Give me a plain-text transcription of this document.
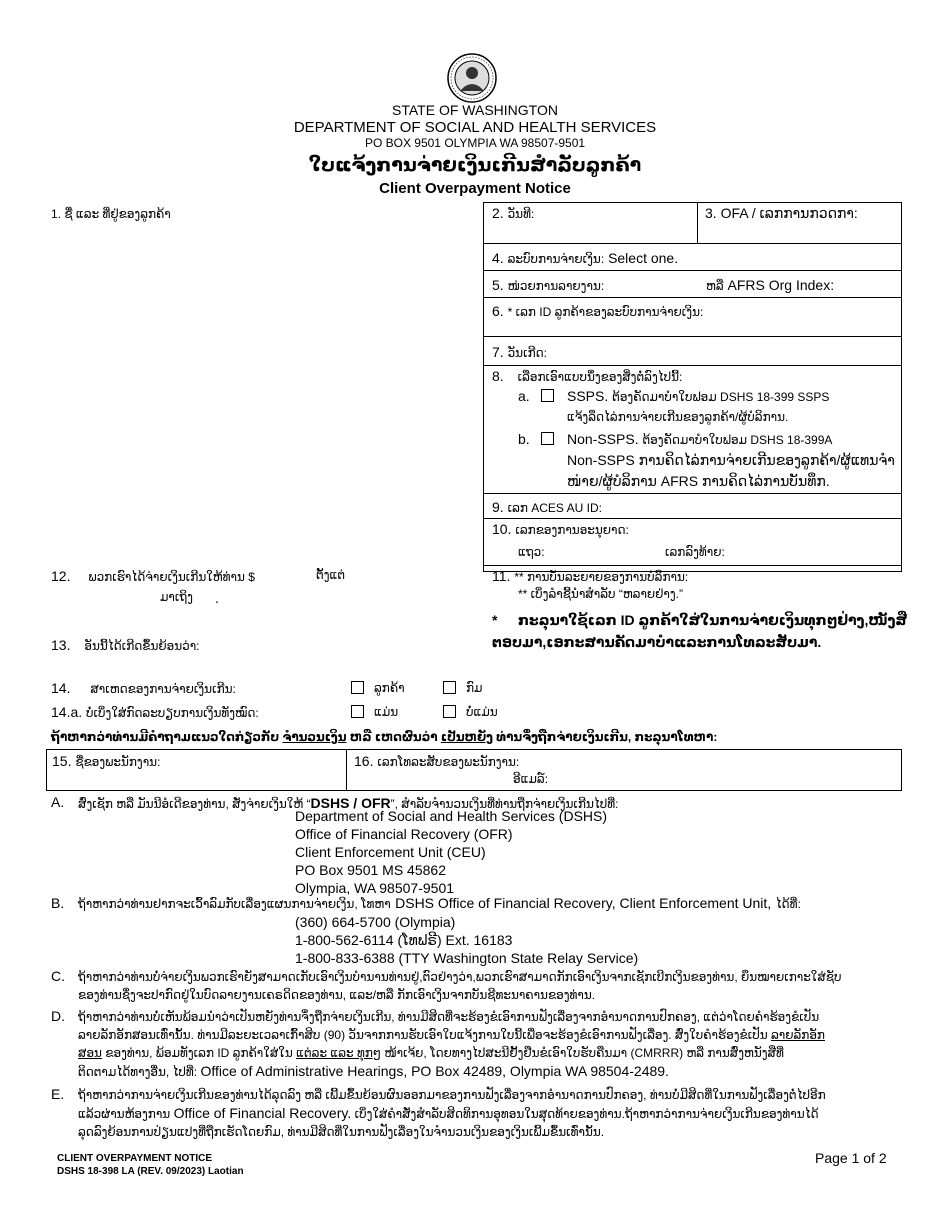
STATE OF WASHINGTON
DEPARTMENT OF SOCIAL AND HEALTH SERVICES
PO BOX 9501 OLYMPIA WA 98507-9501
ໃບແຈ້ງການຈ່າຍເງິນເກີນສໍາລັບລູກຄ້າ
Client Overpayment Notice
1. ຊື່ ແລະ ທີ່ຢູ່ຂອງລູກຄ້າ	2. ວັນທີ:	3. OFA / ເລກການກວດກາ:
4. ລະບົບການຈ່າຍເງິນ: Select one.
5. ໜ່ວຍການລາຍງານ:	ຫລື AFRS Org Index:
6. * ເລກ ID ລູກຄ້າຂອງລະບົບການຈ່າຍເງິນ:
7. ວັນເກີດ:
8. ເລືອກເອົາແບບນຶ່ງຂອງສິ່ງຕໍ່ລົງໄປນີ້:
a.	SSPS. ຕ້ອງຄັດມາບໍາໃບຟອມ DSHS 18-399 SSPS
ແຈ້ງລຶດໄລ່ການຈ່າຍເກີນຂອງລູກຄ້າ/ຜູ້ບໍລິການ.
b.	Non-SSPS. ຕ້ອງຄັດມາບໍາໃບຟອມ DSHS 18-399A
Non-SSPS ການຄິດໄລ່ການຈ່າຍເກີນຂອງລູກຄ້າ/ຜູ້ແທນຈໍາ
ໜ່າຍ/ຜູ້ບໍລິການ AFRS ການຄິດໄລ່ການບັນທຶກ.
9. ເລກ ACES AU ID:
10. ເລກຂອງການອະນຸຍາດ:
ແຖວ:	ເລກລົງທ້າຍ:
11. ** ການບັນລະຍາຍຂອງການບໍລິການ:
** ເບິ່ງລໍາຊີ້ນໍາສໍາລັບ “ຫລາຍຢ່າງ.”
* ກະລຸນາໃຊ້ເລກ ID ລູກຄ້າໃສ່ໃນການຈ່າຍເງິນທຸກໆຢ່າງ,ໜັງສື
ຕອບມາ,ເອກະສານຄັດມາບໍາແລະການໂທລະສັບມາ.
12. ພວກເຮົາໄດ້ຈ່າຍເງິນເກີນໃຫ້ທ່ານ $	ຕັ້ງແຕ່
ມາເຖິງ .
13. ອັນນີ້ໄດ້ເກີດຂຶ້ນຍ້ອນວ່າ:
14. ສາເຫດຂອງການຈ່າຍເງິນເກີນ:	ລູກຄ້າ	ກົມ
14.a. ບໍ່ເບິ່ງໃສ່ກົດລະບຽບການເງິນທັງໝົດ:	ແມ່ນ	ບໍ່ແມ່ນ
ຖ້າຫາກວ່າທ່ານມີຄໍາຖາມແນວໃດກ່ຽວກັບ ຈໍານວນເງິນ ຫລື ເຫດຜົນວ່າ ເປັນຫຍັງ ທ່ານຈຶ່ງຖືກຈ່າຍເງິນເກີນ, ກະລຸນາໂທຫາ:
15. ຊື່ຂອງພະນັກງານ:	16. ເລກໂທລະສັບຂອງພະນັກງານ:
ອີແມລ໌:
A. ສົ່ງເຊັກ ຫລື ມັນນີອໍເດີຂອງທ່ານ, ສັ່ງຈ່າຍເງິນໃຫ້ “DSHS / OFR”, ສໍາລັບຈໍານວນເງິນທີ່ທ່ານຖືກຈ່າຍເງິນເກີນໄປທີ່:
Department of Social and Health Services (DSHS)
Office of Financial Recovery (OFR)
Client Enforcement Unit (CEU)
PO Box 9501 MS 45862
Olympia, WA 98507-9501
B. ຖ້າຫາກວ່າທ່ານຢາກຈະເວົ້າລົມກັບເລື່ອງແຜນການຈ່າຍເງິນ, ໂທຫາ DSHS Office of Financial Recovery, Client Enforcement Unit, ໄດ້ທີ່:
(360) 664-5700 (Olympia)
1-800-562-6114 (ໂທຟຣີ) Ext. 16183
1-800-833-6388 (TTY Washington State Relay Service)
C. ຖ້າຫາກວ່າທ່ານບໍ່ຈ່າຍເງິນພວກເຮົາຍັງສາມາດເກັບເອົາເງິນບໍານານທ່ານຢູ່,ຕົວຢ່າງວ່າ,ພວກເຮົາສາມາດກັກເອົາເງິນຈາກເຊັກເບີກເງິນຂອງທ່ານ, ຍຶນໝາຍເກາະໃສ່ຊັບ
ຂອງທ່ານຊຶ່ງຈະປາກົດຢູ່ໃນບົດລາຍງານເຄຣດິດຂອງທ່ານ, ແລະ/ຫລື ກັກເອົາເງິນຈາກບັນຊີທະນາຄານຂອງທ່ານ.
D. ຖ້າຫາກວ່າທ່ານບໍ່ເຫັນພ້ອມນໍາວ່າເປັນຫຍັງທ່ານຈຶ່ງຖືກຈ່າຍເງິນເກີນ, ທ່ານມີສິດທີ່ຈະຮ້ອງຂໍເອົາການຟັງເລື່ອງຈາກອໍານາດການປົກຄອງ, ແຕ່ວ່າໂດຍຄໍາຮ້ອງຂໍເປັນ
ລາຍລັກອັກສອນເທົ່ານັ້ນ. ທ່ານມີລະຍະເວລາເກົ້າສິບ (90) ວັນຈາກການຮັບເອົາໃບແຈ້ງການໃບນີ້ເພື່ອຈະຮ້ອງຂໍເອົາການຟັງເລື່ອງ. ສົ່ງໃບຄໍາຮ້ອງຂໍເປັນ ລາຍລັກອັກ
ສອນ ຂອງທ່ານ, ພ້ອມທັງເລກ ID ລູກຄ້າໃສ່ໃນ ແຕ່ລະ ແລະ ທຸກໆ ໜ້າເຈ້ຍ, ໂດຍທາງໄປສະນີຢັ້ງຢືນຂໍເອົາໃບຮັບຄືນມາ (CMRRR) ຫລື ການສົ່ງຫນັງສືທີ່
ຕິດຕາມໄດ້ທາງອື່ນ, ໄປທີ່: Office of Administrative Hearings, PO Box 42489, Olympia WA 98504-2489.
E. ຖ້າຫາກວ່າການຈ່າຍເງິນເກີນຂອງທ່ານໄດ້ລຸດລົງ ຫລື ເພີ້ມຂຶ້ນຍ້ອນຜົນອອກມາຂອງການຟັງເລື່ອງຈາກອໍານາດການປົກຄອງ, ທ່ານບໍ່ມີສິດທີ່ໃນການຟັງເລື່ອງຕໍ່ໄປອີກ
ແລ້ວຜ່ານຫ້ອງການ Office of Financial Recovery. ເບິ່ງໃສ່ຄໍາສັ່ງສໍາລັບສິດທິການອຸທອນໃນສຸດທ້າຍຂອງທ່ານ.ຖ້າຫາກວ່າການຈ່າຍເງິນເກີນຂອງທ່ານໄດ້
ລຸດລົງຍ້ອນການປ່ຽນແປງທີ່ຖືກເຮັດໂດຍກົມ, ທ່ານມີສິດທີ່ໃນການຟັງເລື່ອງໃນຈໍານວນເງິນຂອງເງິນເພີ້ມຂຶ້ນເທົ່ານັ້ນ.
CLIENT OVERPAYMENT NOTICE
DSHS 18-398 LA (REV. 09/2023) Laotian
Page 1 of 2
